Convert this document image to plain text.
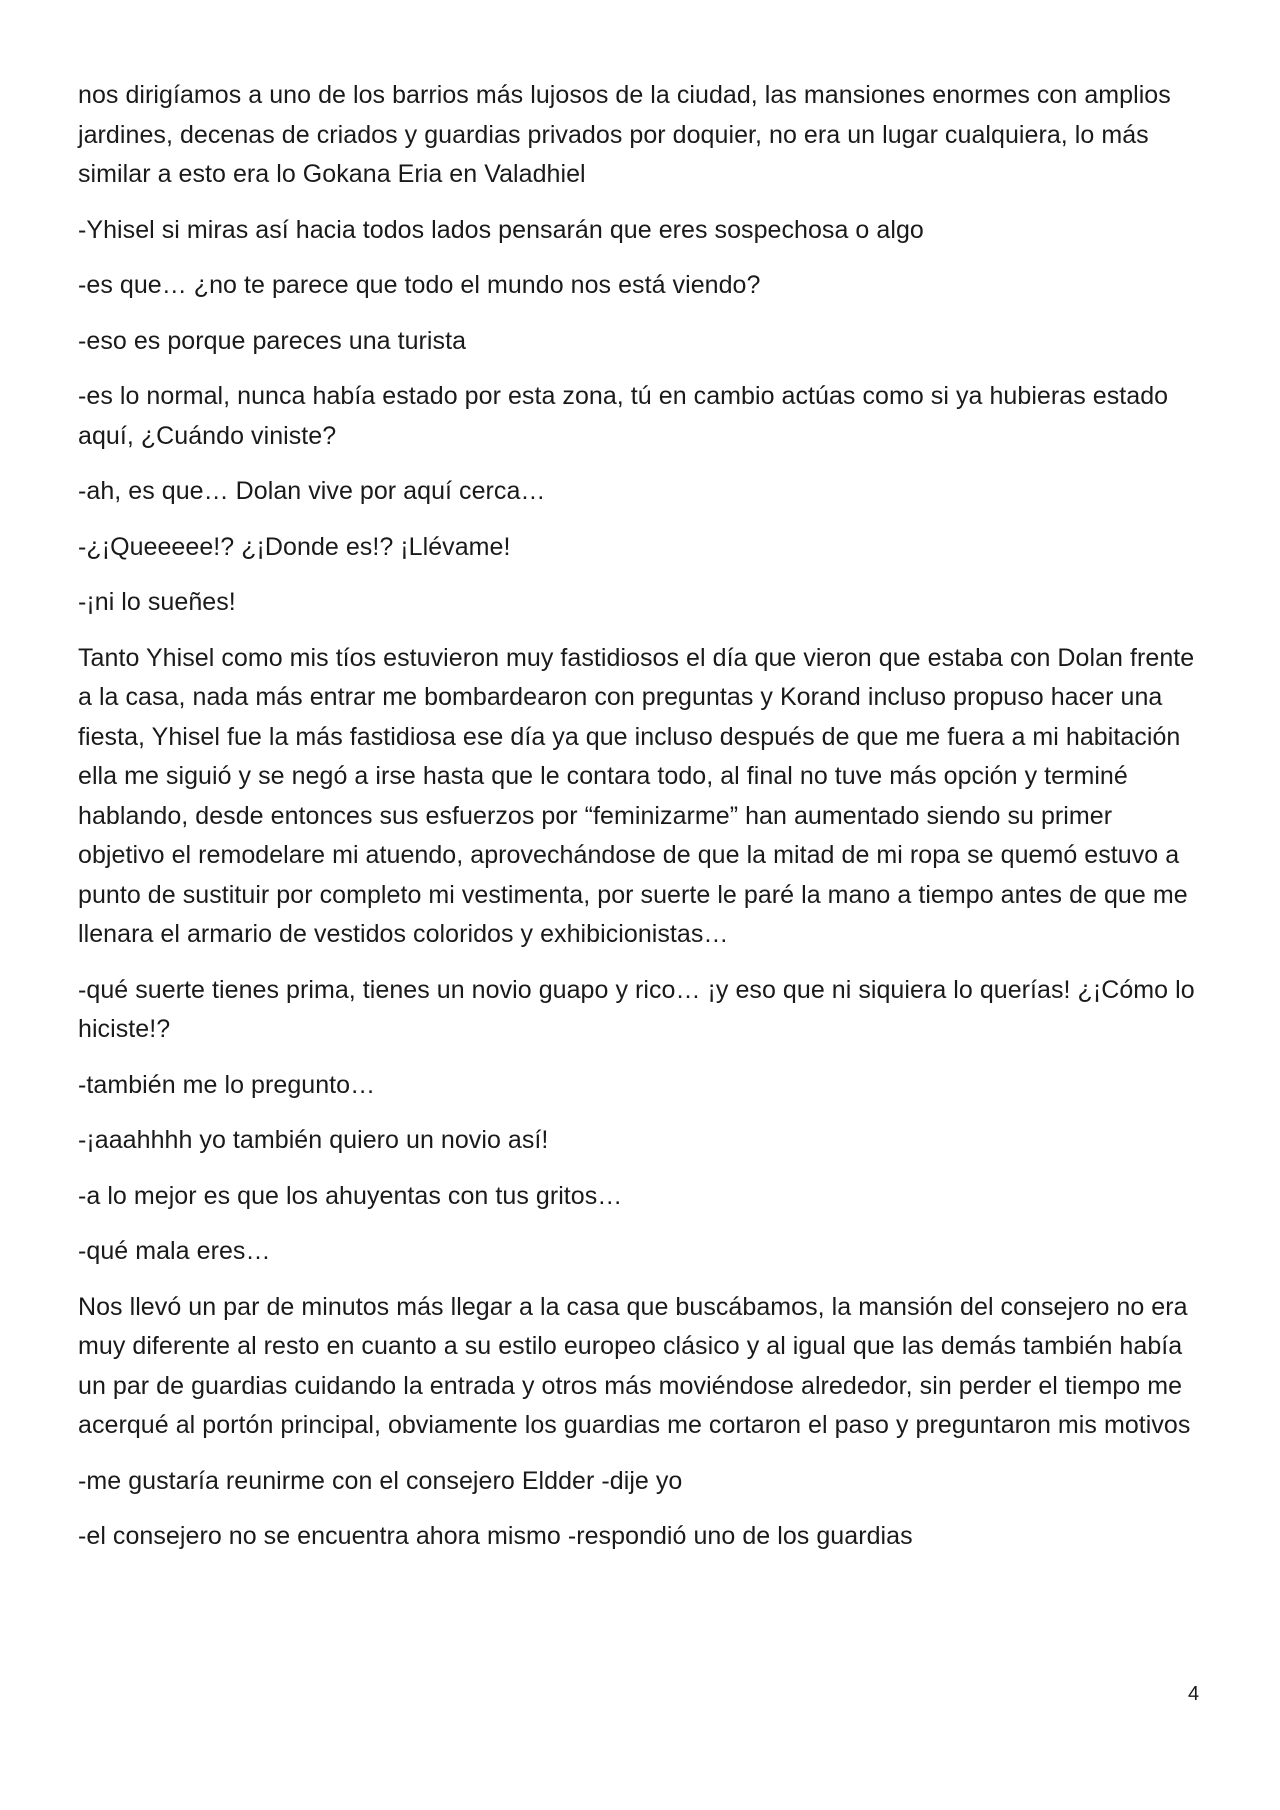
nos dirigíamos a uno de los barrios más lujosos de la ciudad, las mansiones enormes con amplios jardines, decenas de criados y guardias privados por doquier, no era un lugar cualquiera, lo más similar a esto era lo Gokana Eria en Valadhiel

-Yhisel si miras así hacia todos lados pensarán que eres sospechosa o algo

-es que… ¿no te parece que todo el mundo nos está viendo?

-eso es porque pareces una turista

-es lo normal, nunca había estado por esta zona, tú en cambio actúas como si ya hubieras estado aquí, ¿Cuándo viniste?

-ah, es que… Dolan vive por aquí cerca…

-¿¡Queeeee!? ¿¡Donde es!? ¡Llévame!

-¡ni lo sueñes!

Tanto Yhisel como mis tíos estuvieron muy fastidiosos el día que vieron que estaba con Dolan frente a la casa, nada más entrar me bombardearon con preguntas y Korand incluso propuso hacer una fiesta, Yhisel fue la más fastidiosa ese día ya que incluso después de que me fuera a mi habitación ella me siguió y se negó a irse hasta que le contara todo, al final no tuve más opción y terminé hablando, desde entonces sus esfuerzos por “feminizarme” han aumentado siendo su primer objetivo el remodelare mi atuendo, aprovechándose de que la mitad de mi ropa se quemó estuvo a punto de sustituir por completo mi vestimenta, por suerte le paré la mano a tiempo antes de que me llenara el armario de vestidos coloridos y exhibicionistas…

-qué suerte tienes prima, tienes un novio guapo y rico… ¡y eso que ni siquiera lo querías! ¿¡Cómo lo hiciste!?

-también me lo pregunto…

-¡aaahhhh yo también quiero un novio así!

-a lo mejor es que los ahuyentas con tus gritos…

-qué mala eres…

Nos llevó un par de minutos más llegar a la casa que buscábamos, la mansión del consejero no era muy diferente al resto en cuanto a su estilo europeo clásico y al igual que las demás también había un par de guardias cuidando la entrada y otros más moviéndose alrededor, sin perder el tiempo me acerqué al portón principal, obviamente los guardias me cortaron el paso y preguntaron mis motivos

-me gustaría reunirme con el consejero Eldder -dije yo

-el consejero no se encuentra ahora mismo -respondió uno de los guardias

4
